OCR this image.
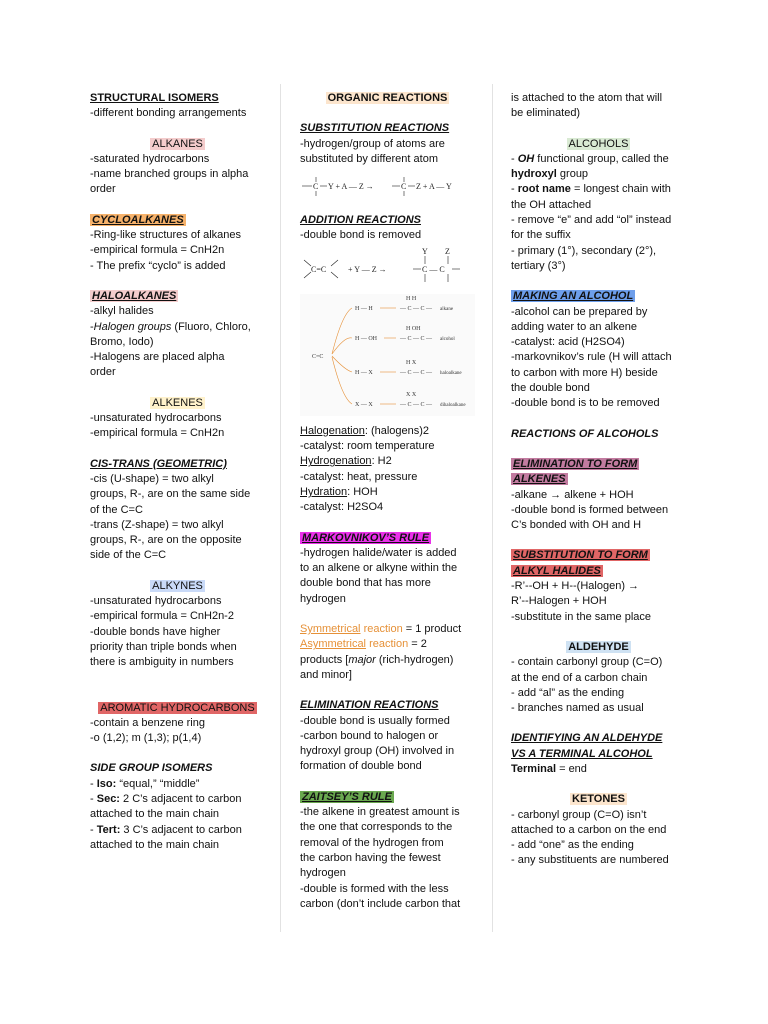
STRUCTURAL ISOMERS
-different bonding arrangements
ALKANES
-saturated hydrocarbons
-name branched groups in alpha
order
CYCLOALKANES
-Ring-like structures of alkanes
-empirical formula = CnH2n
- The prefix “cyclo” is added
HALOALKANES
-alkyl halides
-Halogen groups (Fluoro, Chloro,
Bromo, Iodo)
-Halogens are placed alpha
order
ALKENES
-unsaturated hydrocarbons
-empirical formula = CnH2n
CIS-TRANS (GEOMETRIC)
-cis (U-shape) = two alkyl
groups, R-, are on the same side
of the C=C
-trans (Z-shape) = two alkyl
groups, R-, are on the opposite
side of the C=C
ALKYNES
-unsaturated hydrocarbons
-empirical formula = CnH2n-2
-double bonds have higher
priority than triple bonds when
there is ambiguity in numbers
AROMATIC HYDROCARBONS
-contain a benzene ring
-o (1,2); m (1,3); p(1,4)
SIDE GROUP ISOMERS
- Iso: “equal,” “middle”
- Sec: 2 C’s adjacent to carbon
attached to the main chain
- Tert: 3 C’s adjacent to carbon
attached to the main chain
ORGANIC REACTIONS
SUBSTITUTION REACTIONS
-hydrogen/group of atoms are
substituted by different atom
C Y + A — Z →	C Z + A — Y
ADDITION REACTIONS
-double bond is removed
C=C	+ Y — Z →	C — C
Y Z
C=C
H — H
H — OH
H — X
X — X
— C — C —
— C — C —
— C — C —
— C — C —
H H
H OH
H X
X X
alkane
alcohol
haloalkane
dihaloalkane
Halogenation: (halogens)2
-catalyst: room temperature
Hydrogenation: H2
-catalyst: heat, pressure
Hydration: HOH
-catalyst: H2SO4
MARKOVNIKOV’S RULE
-hydrogen halide/water is added
to an alkene or alkyne within the
double bond that has more
hydrogen
Symmetrical reaction = 1 product
Asymmetrical reaction = 2
products [major (rich-hydrogen)
and minor]
ELIMINATION REACTIONS
-double bond is usually formed
-carbon bound to halogen or
hydroxyl group (OH) involved in
formation of double bond
ZAITSEY’S RULE
-the alkene in greatest amount is
the one that corresponds to the
removal of the hydrogen from
the carbon having the fewest
hydrogen
-double is formed with the less
carbon (don’t include carbon that
is attached to the atom that will
be eliminated)
ALCOHOLS
- OH functional group, called the
hydroxyl group
- root name = longest chain with
the OH attached
- remove “e” and add “ol” instead
for the suffix
- primary (1°), secondary (2°),
tertiary (3°)
MAKING AN ALCOHOL
-alcohol can be prepared by
adding water to an alkene
-catalyst: acid (H2SO4)
-markovnikov’s rule (H will attach
to carbon with more H) beside
the double bond
-double bond is to be removed
REACTIONS OF ALCOHOLS
ELIMINATION TO FORM
ALKENES
-alkane → alkene + HOH
-double bond is formed between
C’s bonded with OH and H
SUBSTITUTION TO FORM
ALKYL HALIDES
-R’--OH + H--(Halogen) →
R’--Halogen + HOH
-substitute in the same place
ALDEHYDE
- contain carbonyl group (C=O)
at the end of a carbon chain
- add “al” as the ending
- branches named as usual
IDENTIFYING AN ALDEHYDE
VS A TERMINAL ALCOHOL
Terminal = end
KETONES
- carbonyl group (C=O) isn’t
attached to a carbon on the end
- add “one” as the ending
- any substituents are numbered
